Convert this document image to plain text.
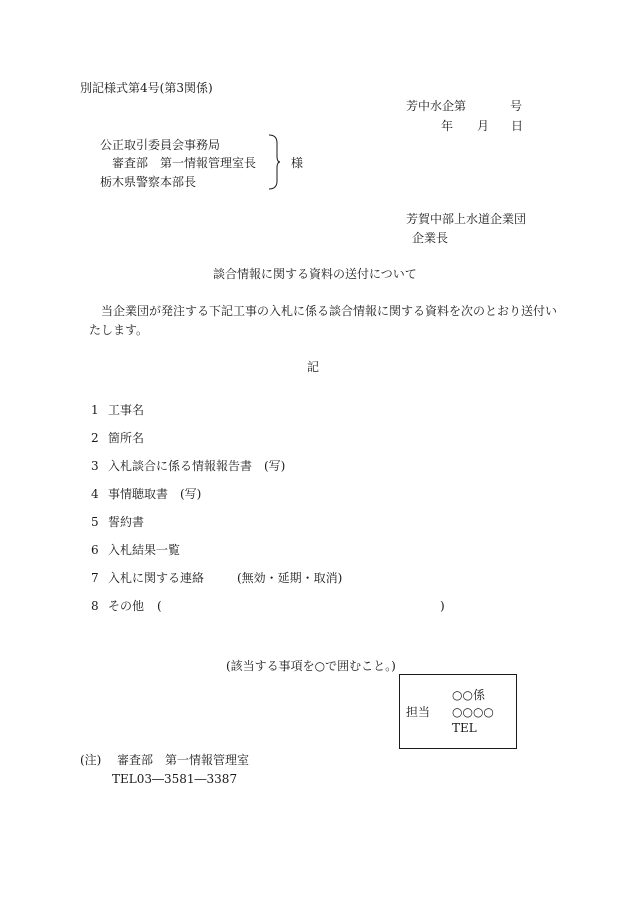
別記様式第4号(第3関係)
芳中水企第	号
年 月 日
公正取引委員会事務局
審査部　第一情報管理室長
栃木県警察本部長
様
芳賀中部上水道企業団
企業長
談合情報に関する資料の送付について
当企業団が発注する下記工事の入札に係る談合情報に関する資料を次のとおり送付い
たします。
記
1 工事名
2 箇所名
3 入札談合に係る情報報告書　(写)
4 事情聴取書　(写)
5 誓約書
6 入札結果一覧
7 入札に関する連絡	(無効・延期・取消)
8 その他 (	)
(該当する事項を○で囲むこと。)
担当
○○係
○○○○
TEL
(注) 審査部　第一情報管理室
TEL03―3581―3387
